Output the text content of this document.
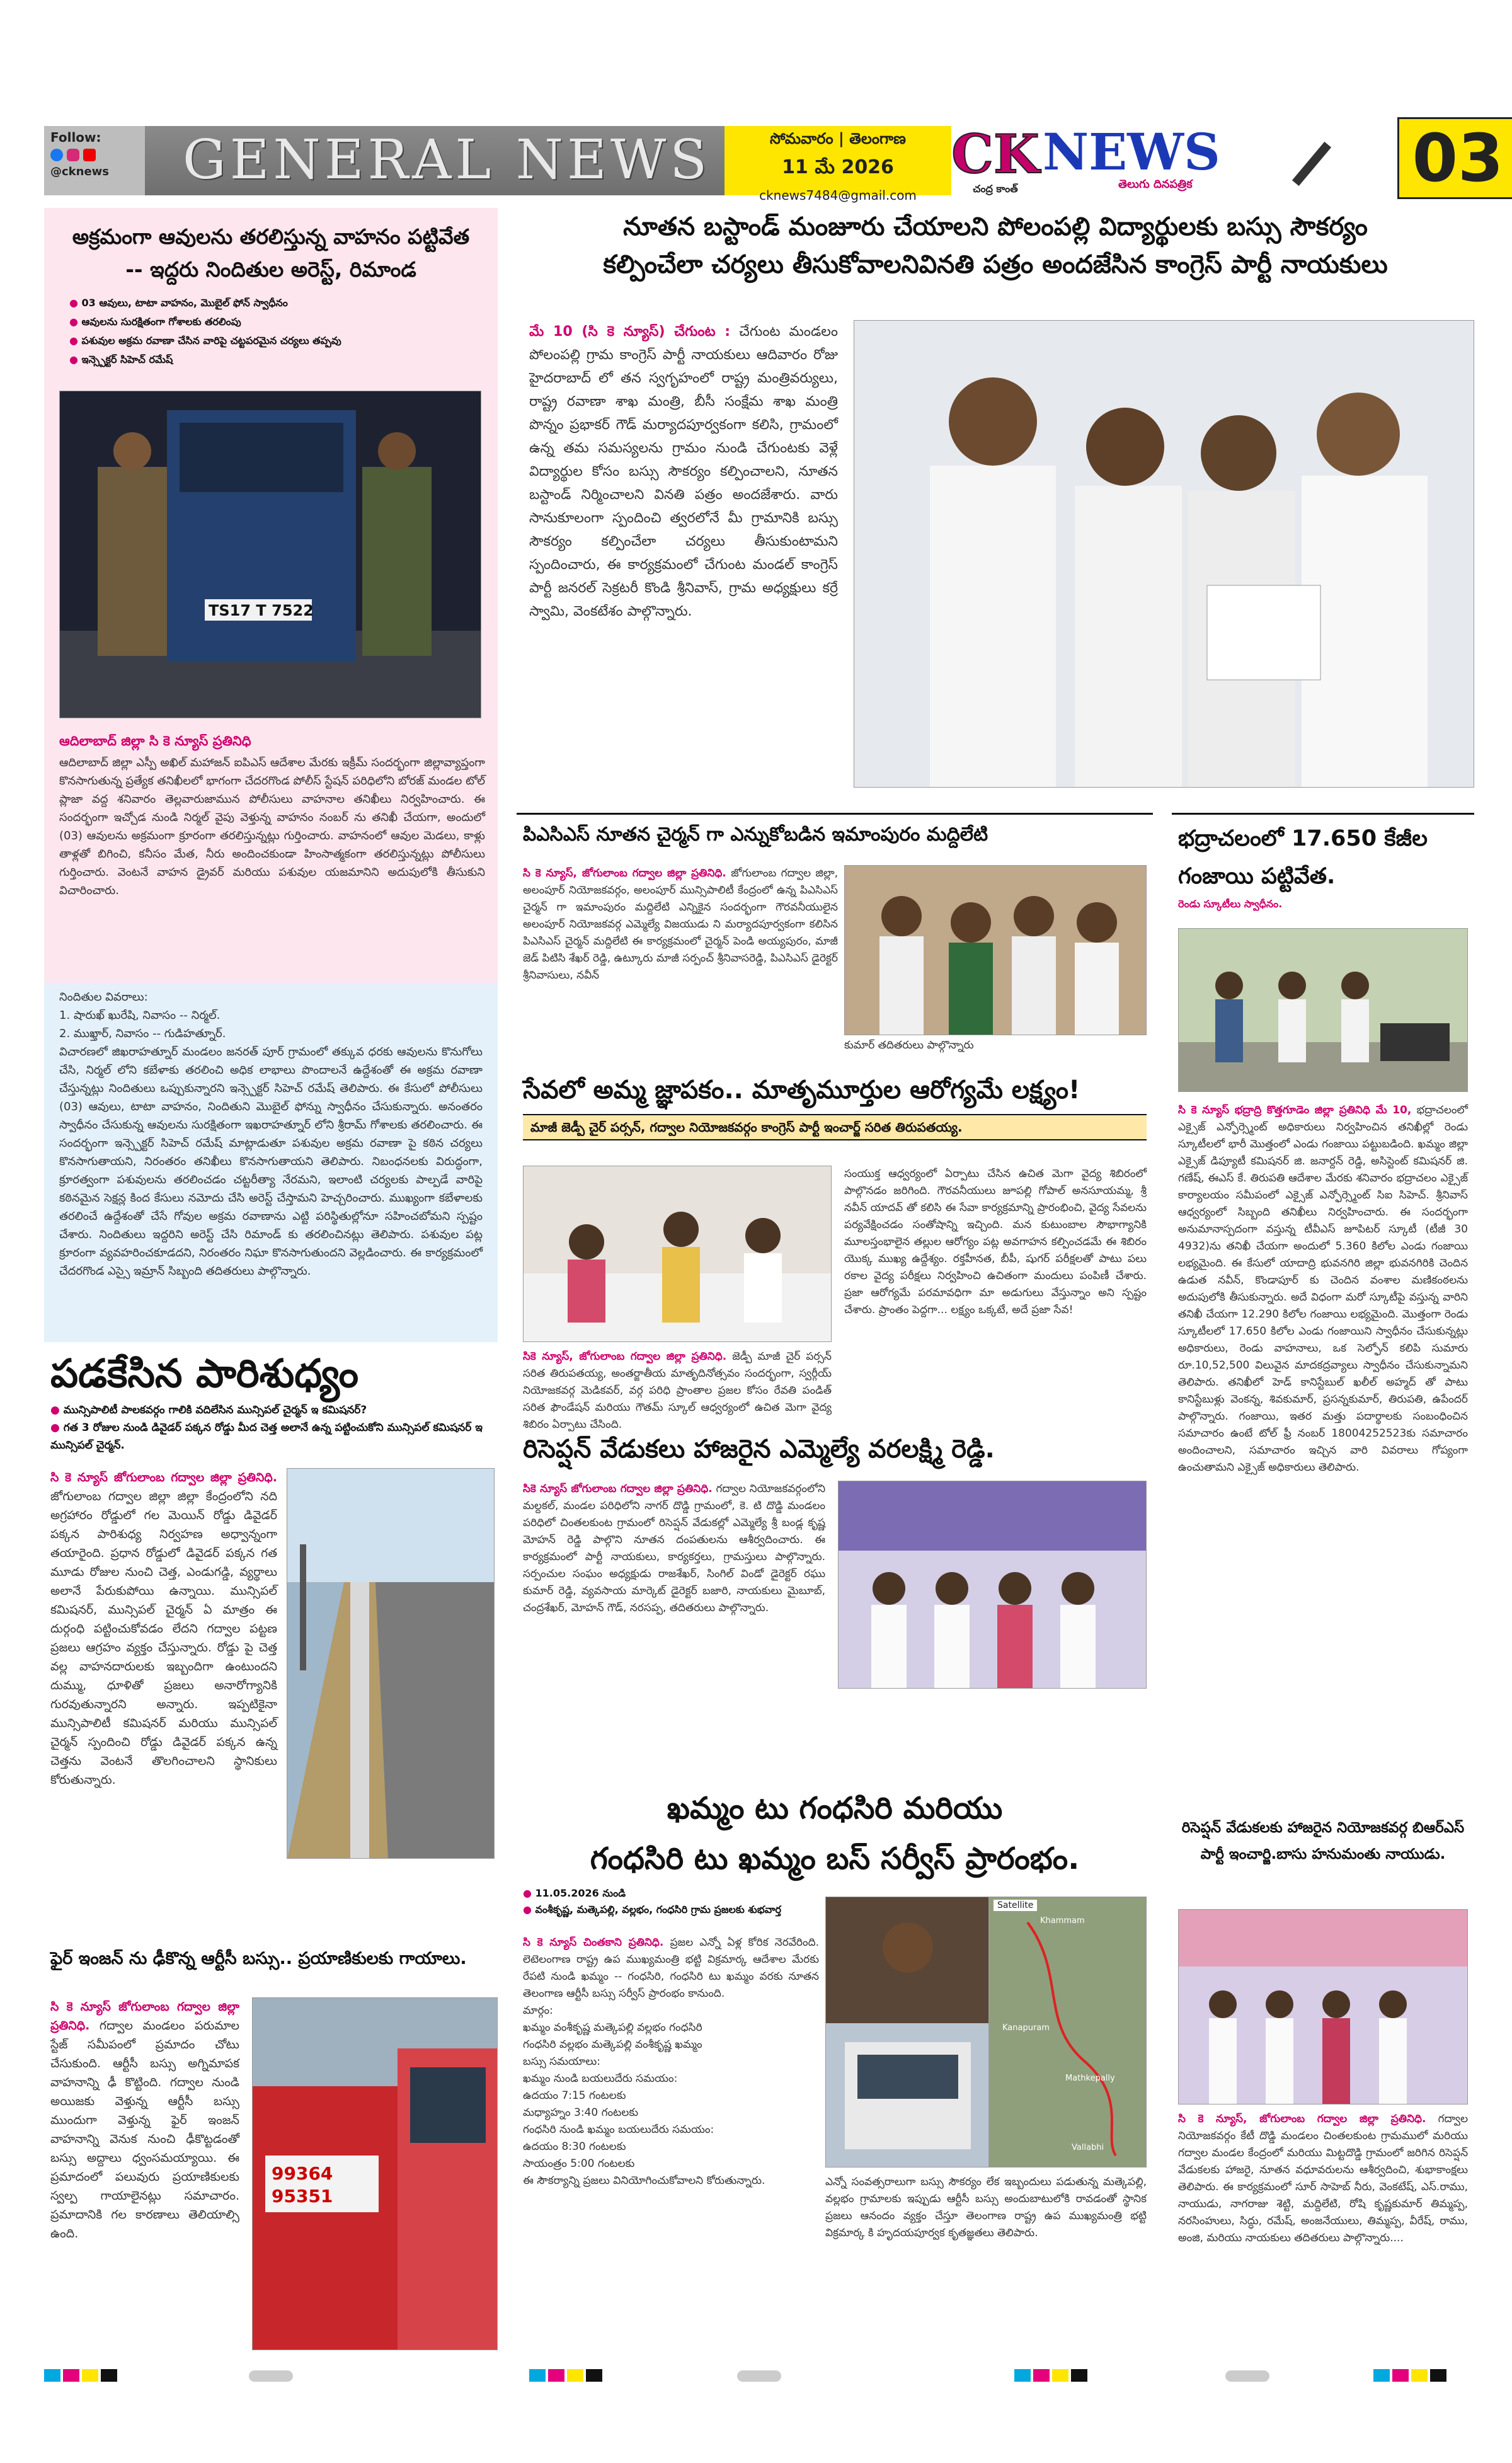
Follow:
@cknews	GENERAL NEWS	సోమవారం | తెలంగాణ
11 మే 2026
cknews7484@gmail.com
CK
చంద్ర కాంత్
NEWS
తెలుగు దినపత్రిక	03
అక్రమంగా ఆవులను తరలిస్తున్న వాహనం పట్టివేత -- ఇద్దరు నిందితుల అరెస్ట్, రిమాండ
● 03 ఆవులు, టాటా వాహనం, మొబైల్ ఫోన్ స్వాధీనం
● ఆవులను సురక్షితంగా గోశాలకు తరలింపు
● పశువుల అక్రమ రవాణా చేసిన వారిపై చట్టపరమైన చర్యలు తప్పవు
● ఇన్స్పెక్టర్ సిహెచ్ రమేష్
TS17 T 7522
ఆదిలాబాద్ జిల్లా సి కె న్యూస్ ప్రతినిధి
ఆదిలాబాద్ జిల్లా ఎస్పీ అఖిల్ మహాజన్ ఐపిఎస్ ఆదేశాల మేరకు ఇక్రీమ్ సందర్భంగా జిల్లావ్యాప్తంగా కొనసాగుతున్న ప్రత్యేక తనిఖీలలో భాగంగా చేదరగొండ పోలీస్ స్టేషన్ పరిధిలోని బోరజ్ మండల టోల్ ప్లాజా వద్ద శనివారం తెల్లవారుజామున పోలీసులు వాహనాల తనిఖీలు నిర్వహించారు. ఈ సందర్భంగా ఇచ్చోడ నుండి నిర్మల్ వైపు వెళ్తున్న వాహనం నంబర్ ను తనిఖీ చేయగా, అందులో (03) ఆవులను అక్రమంగా క్రూరంగా తరలిస్తున్నట్లు గుర్తించారు. వాహనంలో ఆవుల మెడలు, కాళ్లు తాళ్లతో బిగించి, కనీసం మేత, నీరు అందించకుండా హింసాత్మకంగా తరలిస్తున్నట్లు పోలీసులు గుర్తించారు. వెంటనే వాహన డ్రైవర్ మరియు పశువుల యజమానిని అదుపులోకి తీసుకుని విచారించారు.
నిందితుల వివరాలు:
1. షారుఖ్ ఖురేషి, నివాసం -- నిర్మల్.
2. ముఖ్తార్, నివాసం -- గుడిహత్నూర్.
విచారణలో జిఖరాహత్నూర్ మండలం జనరత్ పూర్ గ్రామంలో తక్కువ ధరకు ఆవులను కొనుగోలు చేసి, నిర్మల్ లోని కబేళాకు తరలించి అధిక లాభాలు పొందాలనే ఉద్దేశంతో ఈ అక్రమ రవాణా చేస్తున్నట్లు నిందితులు ఒప్పుకున్నారని ఇన్స్పెక్టర్ సిహెచ్ రమేష్ తెలిపారు. ఈ కేసులో పోలీసులు (03) ఆవులు, టాటా వాహనం, నిందితుని మొబైల్ ఫోన్ను స్వాధీనం చేసుకున్నారు. అనంతరం స్వాధీనం చేసుకున్న ఆవులను సురక్షితంగా ఇఖరాహత్నూర్ లోని శ్రీరామ్ గోశాలకు తరలించారు. ఈ సందర్భంగా ఇన్స్పెక్టర్ సిహెచ్ రమేష్ మాట్లాడుతూ పశువుల అక్రమ రవాణా పై కఠిన చర్యలు కొనసాగుతాయని, నిరంతరం తనిఖీలు కొనసాగుతాయని తెలిపారు. నిబంధనలకు విరుద్ధంగా, క్రూరత్వంగా పశువులను తరలించడం చట్టరీత్యా నేరమని, ఇలాంటి చర్యలకు పాల్పడే వారిపై కఠినమైన సెక్షన్ల కింద కేసులు నమోదు చేసి అరెస్ట్ చేస్తామని హెచ్చరించారు. ముఖ్యంగా కబేళాలకు తరలించే ఉద్దేశంతో చేసే గోవుల అక్రమ రవాణాను ఎట్టి పరిస్థితుల్లోనూ సహించబోమని స్పష్టం చేశారు. నిందితులు ఇద్దరిని అరెస్ట్ చేసి రిమాండ్ కు తరలించినట్లు తెలిపారు. పశువుల పట్ల క్రూరంగా వ్యవహరించకూడదని, నిరంతరం నిఘా కొనసాగుతుందని వెల్లడించారు. ఈ కార్యక్రమంలో చేదరగొండ ఎస్సై ఇమ్రాన్ సిబ్బంది తదితరులు పాల్గొన్నారు.
పడకేసిన పారిశుధ్యం
● మున్సిపాలిటీ పాలకవర్గం గాలికి వదిలేసిన మున్సిపల్ చైర్మన్ ఇ కమిషనర్?
● గత 3 రోజుల నుండి డివైడర్ పక్కన రోడ్డు మీద చెత్త అలానే ఉన్న పట్టించుకోని మున్సిపల్ కమిషనర్ ఇ మున్సిపల్ చైర్మన్.
సి కె న్యూస్ జోగులాంబ గద్వాల జిల్లా ప్రతినిధి. జోగులాంబ గద్వాల జిల్లా జిల్లా కేంద్రంలోని నది అగ్రహారం రోడ్డులో గల మెయిన్ రోడ్డు డివైడర్ పక్కన పారిశుధ్య నిర్వహణ అధ్వాన్నంగా తయారైంది. ప్రధాన రోడ్డులో డివైడర్ పక్కన గత మూడు రోజుల నుంచి చెత్త, ఎండుగడ్డి, వ్యర్థాలు అలానే పేరుకుపోయి ఉన్నాయి. మున్సిపల్ కమిషనర్, మున్సిపల్ చైర్మన్ ఏ మాత్రం ఈ దుర్గంధి పట్టించుకోవడం లేదని గద్వాల పట్టణ ప్రజలు ఆగ్రహం వ్యక్తం చేస్తున్నారు. రోడ్డు పై చెత్త వల్ల వాహనదారులకు ఇబ్బందిగా ఉంటుందని దుమ్ము, ధూళితో ప్రజలు అనారోగ్యానికి గురవుతున్నారని అన్నారు. ఇప్పటికైనా మున్సిపాలిటీ కమిషనర్ మరియు మున్సిపల్ చైర్మన్ స్పందించి రోడ్డు డివైడర్ పక్కన ఉన్న చెత్తను వెంటనే తొలగించాలని స్థానికులు కోరుతున్నారు.
ఫైర్ ఇంజన్ ను ఢీకొన్న ఆర్టీసీ బస్సు.. ప్రయాణికులకు గాయాలు.
సి కె న్యూస్ జోగులాంబ గద్వాల జిల్లా ప్రతినిధి. గద్వాల మండలం పరుమాల స్టేజ్ సమీపంలో ప్రమాదం చోటు చేసుకుంది. ఆర్టీసీ బస్సు అగ్నిమాపక వాహనాన్ని ఢీ కొట్టింది. గద్వాల నుండి అయిజకు వెళ్తున్న ఆర్టీసీ బస్సు ముందుగా వెళ్తున్న ఫైర్ ఇంజన్ వాహనాన్ని వెనుక నుంచి ఢీకొట్టడంతో బస్సు అద్దాలు ధ్వంసమయ్యాయి. ఈ ప్రమాదంలో పలువురు ప్రయాణికులకు స్వల్ప గాయాలైనట్లు సమాచారం. ప్రమాదానికి గల కారణాలు తెలియాల్సి ఉంది.
99364
95351
నూతన బస్టాండ్ మంజూరు చేయాలని పోలంపల్లి విద్యార్థులకు బస్సు సౌకర్యం
కల్పించేలా చర్యలు తీసుకోవాలనివినతి పత్రం అందజేసిన కాంగ్రెస్ పార్టీ నాయకులు
మే 10 (సి కె న్యూస్) చేగుంట : చేగుంట మండలం పోలంపల్లి గ్రామ కాంగ్రెస్ పార్టీ నాయకులు ఆదివారం రోజు హైదరాబాద్ లో తన స్వగృహంలో రాష్ట్ర మంత్రివర్యులు, రాష్ట్ర రవాణా శాఖ మంత్రి, బీసీ సంక్షేమ శాఖ మంత్రి పొన్నం ప్రభాకర్ గౌడ్ మర్యాదపూర్వకంగా కలిసి, గ్రామంలో ఉన్న తమ సమస్యలను గ్రామం నుండి చేగుంటకు వెళ్లే విద్యార్థుల కోసం బస్సు సౌకర్యం కల్పించాలని, నూతన బస్టాండ్ నిర్మించాలని వినతి పత్రం అందజేశారు. వారు సానుకూలంగా స్పందించి త్వరలోనే మీ గ్రామానికి బస్సు సౌకర్యం కల్పించేలా చర్యలు తీసుకుంటామని స్పందించారు, ఈ కార్యక్రమంలో చేగుంట మండల్ కాంగ్రెస్ పార్టీ జనరల్ సెక్రటరీ కొండి శ్రీనివాస్, గ్రామ అధ్యక్షులు కర్రే స్వామి, వెంకటేశం పాల్గొన్నారు.
పిఎసిఎస్ నూతన చైర్మన్ గా ఎన్నుకోబడిన ఇమాంపురం మద్దిలేటి
సి కె న్యూస్, జోగులాంబ గద్వాల జిల్లా ప్రతినిధి. జోగులాంబ గద్వాల జిల్లా, అలంపూర్ నియోజకవర్గం, అలంపూర్ మున్సిపాలిటీ కేంద్రంలో ఉన్న పిఎసిఎస్ చైర్మన్ గా ఇమాంపురం మద్దిలేటి ఎన్నికైన సందర్భంగా గౌరవనీయులైన అలంపూర్ నియోజకవర్గ ఎమ్మెల్యే విజయుడు ని మర్యాదపూర్వకంగా కలిసిన పిఎసిఎస్ చైర్మన్ మద్దిలేటి ఈ కార్యక్రమంలో చైర్మన్ పెండి అయ్యపురం, మాజీ జెడ్ పిటిసి శేఖర్ రెడ్డి, ఉట్కూరు మాజీ సర్పంచ్ శ్రీనివాసరెడ్డి, పిఎసిఎస్ డైరెక్టర్ శ్రీనివాసులు, నవీన్
కుమార్ తదితరులు పాల్గొన్నారు
సేవలో అమ్మ జ్ఞాపకం.. మాతృమూర్తుల ఆరోగ్యమే లక్ష్యం!
మాజీ జెడ్పీ చైర్ పర్సన్, గద్వాల నియోజకవర్గం కాంగ్రెస్ పార్టీ ఇంచార్జ్ సరిత తిరుపతయ్య.
సికె న్యూస్, జోగులాంబ గద్వాల జిల్లా ప్రతినిధి. జెడ్పీ మాజీ చైర్ పర్సన్ సరిత తిరుపతయ్య, అంతర్జాతీయ మాతృదినోత్సవం సందర్భంగా, స్వర్గీయ్ నియోజకవర్గ మెడికవర్, వర్గ పరిధి ప్రాంతాల ప్రజల కోసం రేవతి పండిత్ సరిత ఫౌండేషన్ మరియు గౌతమ్ స్కూల్ ఆధ్వర్యంలో ఉచిత మెగా వైద్య శిబిరం ఏర్పాటు చేసింది.
సంయుక్త ఆధ్వర్యంలో ఏర్పాటు చేసిన ఉచిత మెగా వైద్య శిబిరంలో పాల్గొనడం జరిగింది. గౌరవనీయులు జూపల్లి గోపాల్ అనసూయమ్మ, శ్రీ నవీన్ యాదవ్ తో కలిసి ఈ సేవా కార్యక్రమాన్ని ప్రారంభించి, వైద్య సేవలను పర్యవేక్షించడం సంతోషాన్ని ఇచ్చింది. మన కుటుంబాల సౌభాగ్యానికి మూలస్తంభాలైన తల్లుల ఆరోగ్యం పట్ల అవగాహన కల్పించడమే ఈ శిబిరం యొక్క ముఖ్య ఉద్దేశ్యం. రక్తహీనత, బీపీ, షుగర్ పరీక్షలతో పాటు పలు రకాల వైద్య పరీక్షలు నిర్వహించి ఉచితంగా మందులు పంపిణీ చేశారు. ప్రజా ఆరోగ్యమే పరమావధిగా మా అడుగులు వేస్తున్నాం అని స్పష్టం చేశారు. ప్రాంతం పెద్దగా... లక్ష్యం ఒక్కటే, అదే ప్రజా సేవ!
రిసెప్షన్ వేడుకలు హాజరైన ఎమ్మెల్యే వరలక్ష్మి రెడ్డి.
సికె న్యూస్ జోగులాంబ గద్వాల జిల్లా ప్రతినిధి. గద్వాల నియోజకవర్గంలోని మల్దకల్, మండల పరిధిలోని నాగర్ దొడ్డి గ్రామంలో, కె. టి దొడ్డి మండలం పరిధిలో చింతలకుంట గ్రామంలో రిసెప్షన్ వేడుకల్లో ఎమ్మెల్యే శ్రీ బండ్ల కృష్ణ మోహన్ రెడ్డి పాల్గొని నూతన దంపతులను ఆశీర్వదించారు. ఈ కార్యక్రమంలో పార్టీ నాయకులు, కార్యకర్తలు, గ్రామస్తులు పాల్గొన్నారు. సర్పంచుల సంఘం అధ్యక్షుడు రాజశేఖర్, సింగిల్ విండో డైరెక్టర్ రఘు కుమార్ రెడ్డి, వ్యవసాయ మార్కెట్ డైరెక్టర్ బజారి, నాయకులు మైబూబ్, చంద్రశేఖర్, మోహన్ గౌడ్, నరసప్ప, తదితరులు పాల్గొన్నారు.
ఖమ్మం టు గంధసిరి మరియు
గంధసిరి టు ఖమ్మం బస్ సర్వీస్ ప్రారంభం.
● 11.05.2026 నుండి
● వంశీకృష్ణ, మత్కెపల్లి, వల్లభం, గంధసిరి గ్రామ ప్రజలకు శుభవార్త
సి కె న్యూస్ చింతకాని ప్రతినిధి. ప్రజల ఎన్నో ఏళ్ల కోరిక నెరవేరింది. లెటెలంగాణ రాష్ట్ర ఉప ముఖ్యమంత్రి భట్టి విక్రమార్క ఆదేశాల మేరకు రేపటి నుండి ఖమ్మం -- గంధసిరి, గంధసిరి టు ఖమ్మం వరకు నూతన తెలంగాణ ఆర్టీసీ బస్సు సర్వీస్ ప్రారంభం కానుంది.
మార్గం:
ఖమ్మం వంశీకృష్ణ మత్కెపల్లి వల్లభం గంధసిరి
గంధసిరి వల్లభం మత్కెపల్లి వంశీకృష్ణ ఖమ్మం
బస్సు సమయాలు:
ఖమ్మం నుండి బయలుదేరు సమయం:
ఉదయం 7:15 గంటలకు
మధ్యాహ్నం 3:40 గంటలకు
గంధసిరి నుండి ఖమ్మం బయలుదేరు సమయం:
ఉదయం 8:30 గంటలకు
సాయంత్రం 5:00 గంటలకు
ఈ సౌకర్యాన్ని ప్రజలు వినియోగించుకోవాలని కోరుతున్నారు.
Satellite
Khammam
Kanapuram
Mathkepally
Vallabhi
ఎన్నో సంవత్సరాలుగా బస్సు సౌకర్యం లేక ఇబ్బందులు పడుతున్న మత్కెపల్లి, వల్లభం గ్రామాలకు ఇప్పుడు ఆర్టీసీ బస్సు అందుబాటులోకి రావడంతో స్థానిక ప్రజలు ఆనందం వ్యక్తం చేస్తూ తెలంగాణ రాష్ట్ర ఉప ముఖ్యమంత్రి భట్టి విక్రమార్క కి హృదయపూర్వక కృతజ్ఞతలు తెలిపారు.
భద్రాచలంలో 17.650 కేజీల గంజాయి పట్టివేత.
రెండు స్కూటీలు స్వాధీనం.
సి కె న్యూస్ భద్రాద్రి కొత్తగూడెం జిల్లా ప్రతినిధి మే 10, భద్రాచలంలో ఎక్సైజ్ ఎన్ఫోర్స్మెంట్ అధికారులు నిర్వహించిన తనిఖీల్లో రెండు స్కూటీలలో భారీ మొత్తంలో ఎండు గంజాయి పట్టుబడింది. ఖమ్మం జిల్లా ఎక్సైజ్ డిప్యూటీ కమిషనర్ జి. జనార్దన్ రెడ్డి, అసిస్టెంట్ కమిషనర్ జి. గణేష్, ఈఎస్ కే. తిరుపతి ఆదేశాల మేరకు శనివారం భద్రాచలం ఎక్సైజ్ కార్యాలయం సమీపంలో ఎక్సైజ్ ఎన్ఫోర్స్మెంట్ సిఐ సిహెచ్. శ్రీనివాస్ ఆధ్వర్యంలో సిబ్బంది తనిఖీలు నిర్వహించారు. ఈ సందర్భంగా అనుమానాస్పదంగా వస్తున్న టీవీఎస్ జూపిటర్ స్కూటీ (టీజీ 30 4932)ను తనిఖీ చేయగా అందులో 5.360 కిలోల ఎండు గంజాయి లభ్యమైంది. ఈ కేసులో యాదాద్రి భువనగిరి జిల్లా భువనగిరికి చెందిన ఉడుత నవీన్, కొండాపూర్ కు చెందిన వంశాల మణికంఠలను అదుపులోకి తీసుకున్నారు. అదే విధంగా మరో స్కూటీపై వస్తున్న వారిని తనిఖీ చేయగా 12.290 కిలోల గంజాయి లభ్యమైంది. మొత్తంగా రెండు స్కూటీలలో 17.650 కిలోల ఎండు గంజాయిని స్వాధీనం చేసుకున్నట్లు అధికారులు, రెండు వాహనాలు, ఒక సెల్ఫోన్ కలిపి సుమారు రూ.10,52,500 విలువైన మాదకద్రవ్యాలు స్వాధీనం చేసుకున్నామని తెలిపారు. తనిఖీలో హెడ్ కానిస్టేబుల్ ఖలీల్ అహ్మద్ తో పాటు కానిస్టేబుళ్లు వెంకన్న, శివకుమార్, ప్రసన్నకుమార్, తిరుపతి, ఉపేందర్ పాల్గొన్నారు. గంజాయి, ఇతర మత్తు పదార్థాలకు సంబంధించిన సమాచారం ఉంటే టోల్ ఫ్రీ నంబర్ 18004252523కు సమాచారం అందించాలని, సమాచారం ఇచ్చిన వారి వివరాలు గోప్యంగా ఉంచుతామని ఎక్సైజ్ అధికారులు తెలిపారు.
రిసెప్షన్ వేడుకలకు హాజరైన నియోజకవర్గ బిఆర్ఎస్ పార్టీ ఇంచార్జి.బాసు హనుమంతు నాయుడు.
సి కె న్యూస్, జోగులాంబ గద్వాల జిల్లా ప్రతినిధి. గద్వాల నియోజకవర్గం కేటీ దొడ్డి మండలం చింతలకుంట గ్రామములో మరియు గద్వాల మండల కేంద్రంలో మరియు మిట్టదొడ్డి గ్రామంలో జరిగిన రిసెప్షన్ వేడుకలకు హాజరై, నూతన వధూవరులను ఆశీర్వదించి, శుభాకాంక్షలు తెలిపారు. ఈ కార్యక్రమంలో సూర్ సాహెబ్ నీరు, వెంకటేష్, ఎస్.రాము, నాయుడు, నాగరాజు శెట్టి, మద్దిలేటి, రోషి కృష్ణకుమార్ తిమ్మప్ప, నరసింహులు, సిద్ధు, రమేష్, అంజనేయులు, తిమ్మప్ప, వీరేష్, రాము, అంజి, మరియు నాయకులు తదితరులు పాల్గొన్నారు....
